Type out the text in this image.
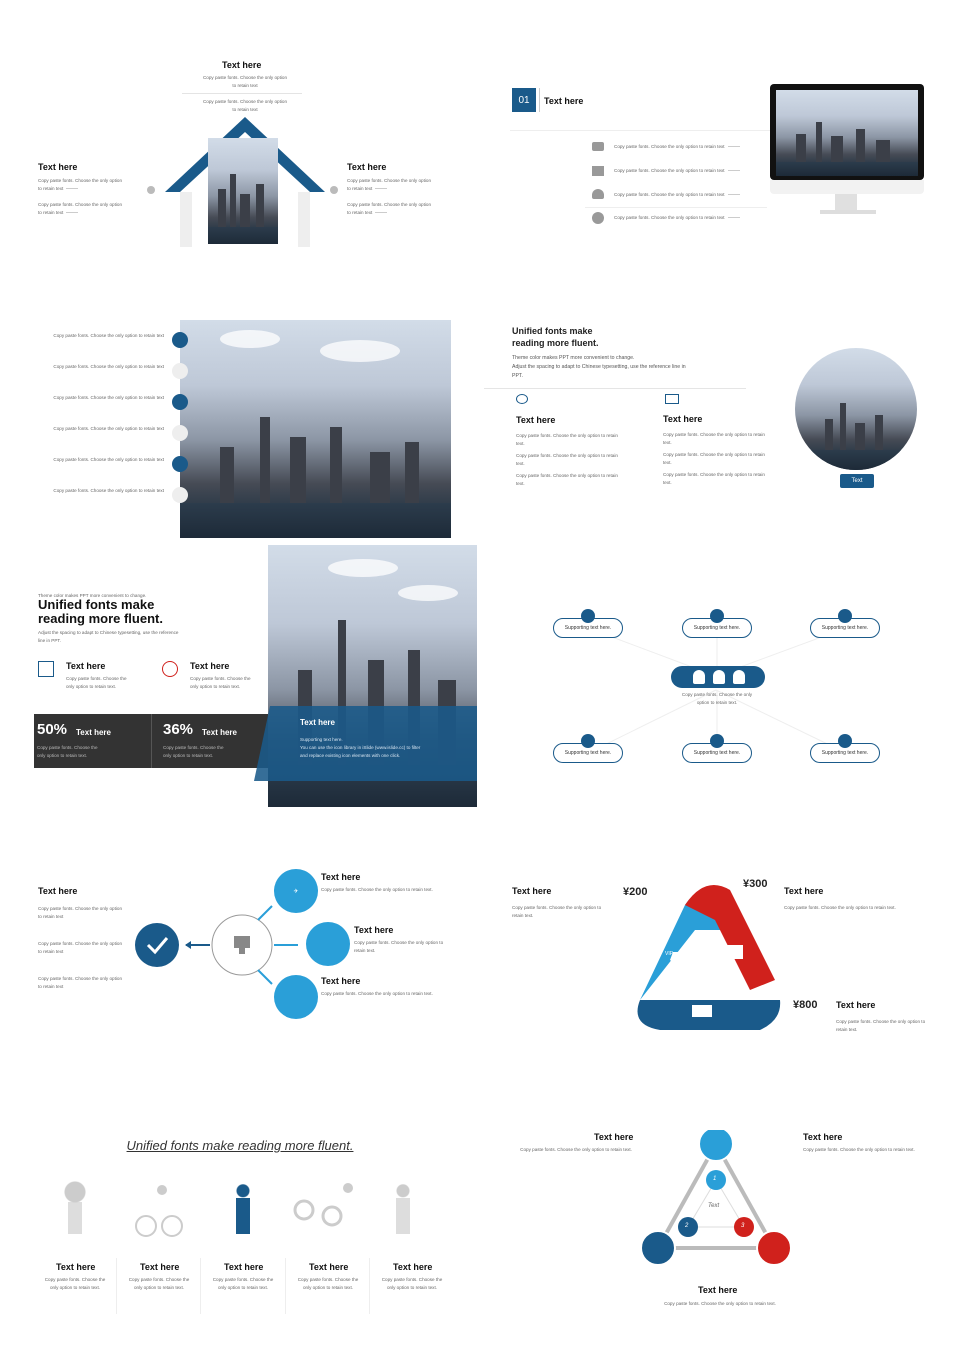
Text here
Copy paste fonts. Choose the only option
to retain text
Copy paste fonts. Choose the only option
to retain text
Text here
Copy paste fonts. Choose the only option
to retain text
Copy paste fonts. Choose the only option
to retain text
Text here
Copy paste fonts. Choose the only option
to retain text
Copy paste fonts. Choose the only option
to retain text
01	Text here
Copy paste fonts. Choose the only option to retain text
Copy paste fonts. Choose the only option to retain text
Copy paste fonts. Choose the only option to retain text
Copy paste fonts. Choose the only option to retain text
Copy paste fonts. Choose the only option to retain text
Copy paste fonts. Choose the only option to retain text
Copy paste fonts. Choose the only option to retain text
Copy paste fonts. Choose the only option to retain text
Copy paste fonts. Choose the only option to retain text
Copy paste fonts. Choose the only option to retain text
Unified fonts make
reading more fluent.
Theme color makes PPT more convenient to change.
Adjust the spacing to adapt to Chinese typesetting, use the reference line in
PPT.
Text here
Copy paste fonts. Choose the only option to retain text.
Copy paste fonts. Choose the only option to retain text.
Copy paste fonts. Choose the only option to retain text.
Text here
Copy paste fonts. Choose the only option to retain text.
Copy paste fonts. Choose the only option to retain text.
Copy paste fonts. Choose the only option to retain text.	Text
Theme color makes PPT more convenient to change.
Unified fonts make
reading more fluent.
Adjust the spacing to adapt to Chinese typesetting, use the reference
line in PPT.
Text here
Copy paste fonts. Choose the
only option to retain text.
Text here
Copy paste fonts. Choose the
only option to retain text.
50% Text here
Copy paste fonts. Choose the
only option to retain text.
36% Text here
Copy paste fonts. Choose the
only option to retain text.
Text here
Supporting text here.
You can use the icon library in iSlide (www.islide.cc) to filter
and replace existing icon elements with one click.
Supporting text here.	Supporting text here.	Supporting text here.
Supporting text here.	Supporting text here.	Supporting text here.
Copy paste fonts. Choose the only
option to retain text.
Text here
Copy paste fonts. Choose the only option
to retain text
Copy paste fonts. Choose the only option
to retain text
Copy paste fonts. Choose the only option
to retain text
✈
Text here
Copy paste fonts. Choose the only option to retain text.
Text here
Copy paste fonts. Choose the only option to retain text.
Text here
Copy paste fonts. Choose the only option to retain text.
VIP
Text here
Copy paste fonts. Choose the only option to retain text.
¥200
¥300
Text here
Copy paste fonts. Choose the only option to retain text.
¥800 Text here
Copy paste fonts. Choose the only option to retain text.
Unified fonts make reading more fluent.
Text here
Copy paste fonts. Choose the
only option to retain text.
Text here
Copy paste fonts. Choose the
only option to retain text.
Text here
Copy paste fonts. Choose the
only option to retain text.
Text here
Copy paste fonts. Choose the
only option to retain text.
Text here
Copy paste fonts. Choose the
only option to retain text.
1
2	3
Text
Text here
Copy paste fonts. Choose the only option to retain text.
Text here
Copy paste fonts. Choose the only option to retain text.
Text here
Copy paste fonts. Choose the only option to retain text.
